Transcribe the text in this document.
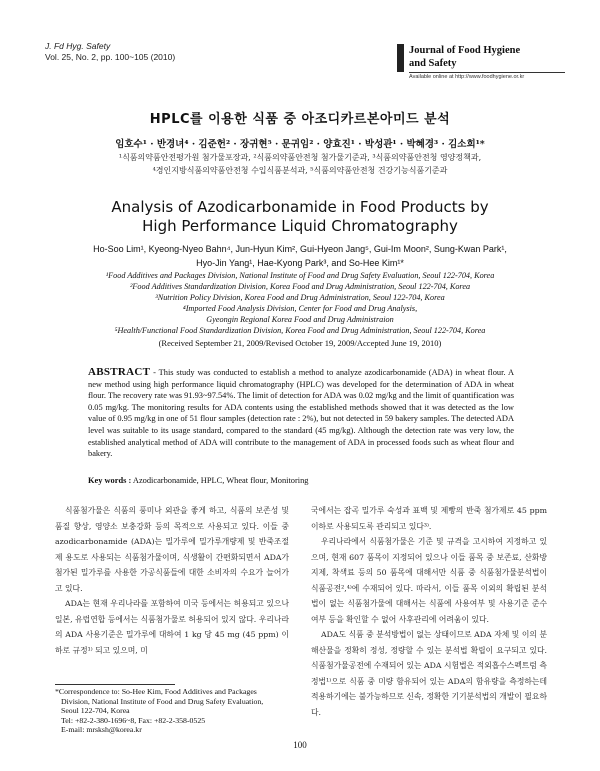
J. Fd Hyg. Safety
Vol. 25, No. 2, pp. 100~105 (2010)
Journal of Food Hygiene
and Safety
Available online at http://www.foodhygiene.or.kr
HPLC를 이용한 식품 중 아조디카르본아미드 분석
임호수¹ · 반경녀⁴ · 김준헌² · 장귀현⁵ · 문귀임² · 양효진¹ · 박성관¹ · 박혜경³ · 김소희¹*
¹식품의약품안전평가원 첨가물포장과, ²식품의약품안전청 첨가물기준과, ³식품의약품안전청 영양정책과,
⁴경인지방식품의약품안전청 수입식품분석과, ⁵식품의약품안전청 건강기능식품기준과
Analysis of Azodicarbonamide in Food Products by
High Performance Liquid Chromatography
Ho-Soo Lim¹, Kyeong-Nyeo Bahn⁴, Jun-Hyun Kim², Gui-Hyeon Jang⁵, Gui-Im Moon², Sung-Kwan Park¹,
Hyo-Jin Yang¹, Hae-Kyong Park³, and So-Hee Kim¹*
¹Food Additives and Packages Division, National Institute of Food and Drug Safety Evaluation, Seoul 122-704, Korea
²Food Additives Standardization Division, Korea Food and Drug Administration, Seoul 122-704, Korea
³Nutrition Policy Division, Korea Food and Drug Administration, Seoul 122-704, Korea
⁴Imported Food Analysis Division, Center for Food and Drug Analysis,
Gyeongin Regional Korea Food and Drug Administraion
⁵Health/Functional Food Standardization Division, Korea Food and Drug Administration, Seoul 122-704, Korea
(Received September 21, 2009/Revised October 19, 2009/Accepted June 19, 2010)
ABSTRACT - This study was conducted to establish a method to analyze azodicarbonamide (ADA) in wheat flour. A new method using high performance liquid chromatography (HPLC) was developed for the determination of ADA in wheat flour. The recovery rate was 91.93~97.54%. The limit of detection for ADA was 0.02 mg/kg and the limit of quantification was 0.05 mg/kg. The monitoring results for ADA contents using the established methods showed that it was detected as the low value of 0.95 mg/kg in one of 51 flour samples (detection rate : 2%), but not detected in 59 bakery samples. The detected ADA level was suitable to its usage standard, compared to the standard (45 mg/kg). Although the detection rate was very low, the established analytical method of ADA will contribute to the management of ADA in processed foods such as wheat flour and bakery.
Key words : Azodicarbonamide, HPLC, Wheat flour, Monitoring

식품첨가물은 식품의 풍미나 외관을 좋게 하고, 식품의 보존성 및 품질 향상, 영양소 보충강화 등의 목적으로 사용되고 있다. 이들 중 azodicarbonamide (ADA)는 밀가루에 밀가루개량제 및 반죽조절제 용도로 사용되는 식품첨가물이며, 식생활이 간편화되면서 ADA가 첨가된 밀가루를 사용한 가공식품들에 대한 소비자의 수요가 늘어가고 있다.

ADA는 현재 우리나라를 포함하여 미국 등에서는 허용되고 있으나 일본, 유럽연합 등에서는 식품첨가물로 허용되어 있지 않다. 우리나라의 ADA 사용기준은 밀가루에 대하여 1 kg 당 45 mg (45 ppm) 이하로 규정¹⁾ 되고 있으며, 미

국에서는 잡곡 밀가루 숙성과 표백 및 제빵의 반죽 첨가제로 45 ppm 이하로 사용되도록 관리되고 있다³⁾.

우리나라에서 식품첨가물은 기준 및 규격을 고시하여 지정하고 있으며, 현재 607 품목이 지정되어 있으나 이들 품목 중 보존료, 산화방지제, 착색료 등의 50 품목에 대해서만 식품 중 식품첨가물분석법이 식품공전²,⁴⁾에 수재되어 있다. 따라서, 이들 품목 이외의 확립된 분석법이 없는 식품첨가물에 대해서는 식품에 사용여부 및 사용기준 준수여부 등을 확인할 수 없어 사후관리에 어려움이 있다.

ADA도 식품 중 분석방법이 없는 상태이므로 ADA 자체 및 이의 분해산물을 정확히 정성, 정량할 수 있는 분석법 확립이 요구되고 있다. 식품첨가물공전에 수재되어 있는 ADA 시험법은 적외흡수스펙트럼 측정법¹⁾으로 식품 중 미량 함유되어 있는 ADA의 함유량을 측정하는데 적용하기에는 불가능하므로 신속, 정확한 기기분석법의 개발이 필요하다.

*Correspondence to: So-Hee Kim, Food Additives and Packages
Division, National Institute of Food and Drug Safety Evaluation,
Seoul 122-704, Korea
Tel: +82-2-380-1696~8, Fax: +82-2-358-0525
E-mail: mrsksh@korea.kr
100
